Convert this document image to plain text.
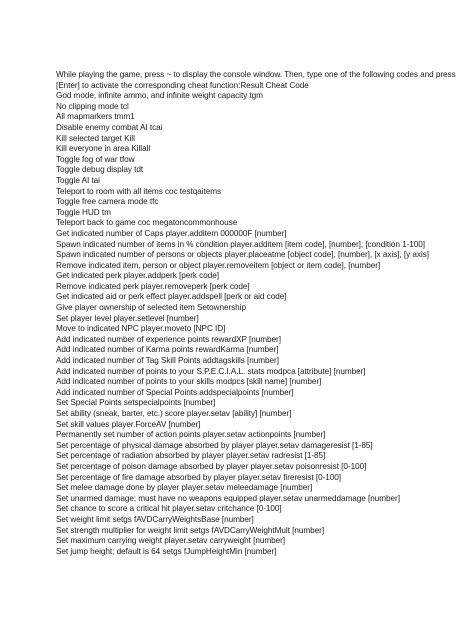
While playing the game, press ~ to display the console window. Then, type one of the following codes and press [Enter] to activate the corresponding cheat function:Result Cheat Code

God mode, infinite ammo, and infinite weight capacity tgm

No clipping mode tcl

All mapmarkers tmm1

Disable enemy combat AI tcai

Kill selected target Kill

Kill everyone in area Killall

Toggle fog of war tfow

Toggle debug display tdt

Toggle AI tai

Teleport to room with all items coc testqaitems

Toggle free camera mode tfc

Toggle HUD tm

Teleport back to game coc megatoncommonhouse

Get indicated number of Caps player.additem 000000F [number]

Spawn indicated number of items in % condition player.additem [item code], [number], [condition 1-100]

Spawn indicated number of persons or objects player.placeatme [object code], [number], [x axis], [y axis]

Remove indicated item, person or object player.removeitem [object or item code], [number]

Get indicated perk player.addperk [perk code]

Remove indicated perk player.removeperk [perk code]

Get indicated aid or perk effect player.addspell [perk or aid code]

Give player ownership of selected item Setownership

Set player level player.setlevel [number]

Move to indicated NPC player.moveto [NPC ID]

Add indicated number of experience points rewardXP [number]

Add indicated number of Karma points rewardKarma [number]

Add indicated number of Tag Skill Points addtagskills [number]

Add indicated number of points to your S.P.E.C.I.A.L. stats modpca [attribute] [number]

Add indicated number of points to your skills modpcs [skill name] [number]

Add indicated number of Special Points addspecialpoints [number]

Set Special Points setspecialpoints [number]

Set ability (sneak, barter, etc.) score player.setav [ability] [number]

Set skill values player.ForceAV [number]

Permanently set number of action points player.setav actionpoints [number]

Set percentage of physical damage absorbed by player player.setav damageresist [1-85]

Set percentage of radiation absorbed by player player.setav radresist [1-85]

Set percentage of poison damage absorbed by player player.setav poisonresist [0-100]

Set percentage of fire damage absorbed by player player.setav fireresist [0-100]

Set melee damage done by player player.setav meleedamage [number]

Set unarmed damage; must have no weapons equipped player.setav unarmeddamage [number]

Set chance to score a critical hit player.setav critchance [0-100]

Set weight limit setgs fAVDCarryWeightsBase [number]

Set strength multiplier for weight limit setgs fAVDCarryWeightMult [number]

Set maximum carrying weight player.setav carryweight [number]

Set jump height; default is 64 setgs fJumpHeightMin [number]
